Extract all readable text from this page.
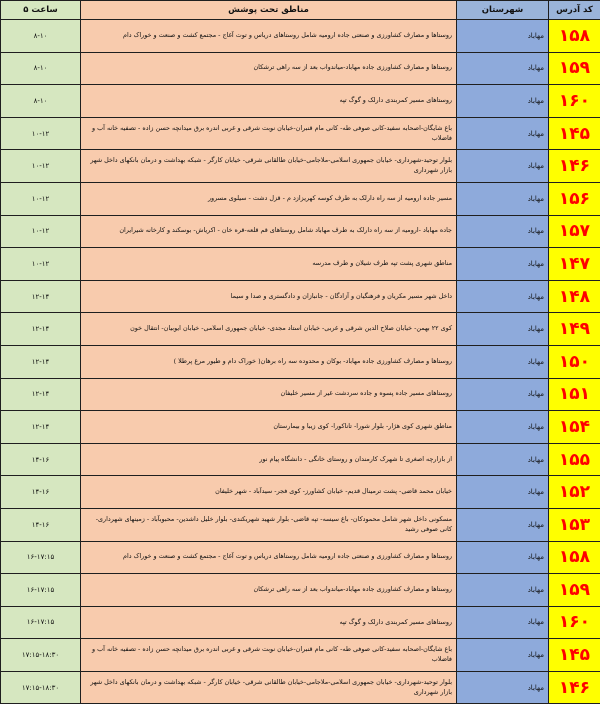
کد آدرس	شهرستان	مناطق تحت پوشش	ساعت ۵
۱۵۸	مهاباد	روستاها و مصارف کشاورزی و صنعتی جاده ارومیه شامل روستاهای دریاس و توت آغاج - مجتمع کشت و صنعت و خوراک دام	۸-۱۰
۱۵۹	مهاباد	روستاها و مصارف کشاورزی جاده مهاباد-میاندواب بعد از سه راهی ترشکان	۸-۱۰
۱۶۰	مهاباد	روستاهای مسیر کمربندی دارلک و گوگ تپه	۸-۱۰
۱۴۵	مهاباد	باغ شایگان-اصحابه سفید-کانی صوفی طه- کانی مام قنبران-خیابان نوبت شرقی و غربی اندره برق میدانچه حسن زاده - تصفیه خانه آب و فاضلاب	۱۰-۱۲
۱۴۶	مهاباد	بلوار توحید-شهرداری- خیابان جمهوری اسلامی-ملاجامی-خیابان طالقانی شرقی- خیابان کارگر - شبکه بهداشت و درمان بانکهای داخل شهر بازار شهرداری	۱۰-۱۲
۱۵۶	مهاباد	مسیر جاده ارومیه از سه راه دارلک به طرف کوسه کهریزازد م - قزل دشت - سیلوی مسرور	۱۰-۱۲
۱۵۷	مهاباد	جاده مهاباد -ارومیه از سه راه دارلک به طرف مهاباد شامل روستاهای قم قلعه-قره خان - اکریاش- بوسکند و کارخانه شیرایران	۱۰-۱۲
۱۴۷	مهاباد	مناطق شهری پشت تپه طرف شیلان و طرف مدرسه	۱۰-۱۲
۱۴۸	مهاباد	داخل شهر مسیر مکریان و فرهنگیان و آزادگان - جانبازان و دادگستری و صدا و سیما	۱۲-۱۴
۱۴۹	مهاباد	کوی ۲۲ بهمن- خیابان صلاح الدین شرقی و غربی- خیابان استاد مجدی- خیابان جمهوری اسلامی- خیابان ایوبیان- انتقال خون	۱۲-۱۴
۱۵۰	مهاباد	روستاها و مصارف کشاورزی جاده مهاباد- بوکان و محدوده سه راه برهان( خوراک دام و طیور مرغ پرطلا )	۱۲-۱۴
۱۵۱	مهاباد	روستاهای مسیر جاده پسوه و جاده سردشت غیر از مسیر خلیفان	۱۲-۱۴
۱۵۴	مهاباد	مناطق شهری کوی هژار- بلوار شورا- تاناکورا- کوی زیبا و بیمارستان	۱۲-۱۴
۱۵۵	مهاباد	از بازارچه اصغری تا شهرک کارمندان و روستای خانگی - دانشگاه پیام نور	۱۴-۱۶
۱۵۲	مهاباد	خیابان محمد قاضی- پشت ترمینال قدیم- خیابان کشاورز- کوی فجر- سیدآباد - شهر خلیفان	۱۴-۱۶
۱۵۳	مهاباد	مسکونی داخل شهر شامل محمودکان- باغ سیسه- تپه قاضی- بلوار شهید شهریکندی- بلوار خلیل داشدین- محبوبآباد - زمینهای شهرداری- کانی صوفی رشید	۱۴-۱۶
۱۵۸	مهاباد	روستاها و مصارف کشاورزی و صنعتی جاده ارومیه شامل روستاهای دریاس و توت آغاج - مجتمع کشت و صنعت و خوراک دام	۱۶-۱۷:۱۵
۱۵۹	مهاباد	روستاها و مصارف کشاورزی جاده مهاباد-میاندواب بعد از سه راهی ترشکان	۱۶-۱۷:۱۵
۱۶۰	مهاباد	روستاهای مسیر کمربندی دارلک و گوگ تپه	۱۶-۱۷:۱۵
۱۴۵	مهاباد	باغ شایگان-اصحابه سفید-کانی صوفی طه- کانی مام قنبران-خیابان نوبت شرقی و غربی اندره برق میدانچه حسن زاده - تصفیه خانه آب و فاضلاب	۱۷:۱۵-۱۸:۳۰
۱۴۶	مهاباد	بلوار توحید-شهرداری- خیابان جمهوری اسلامی-ملاجامی-خیابان طالقانی شرقی- خیابان کارگر - شبکه بهداشت و درمان بانکهای داخل شهر بازار شهرداری	۱۷:۱۵-۱۸:۳۰
